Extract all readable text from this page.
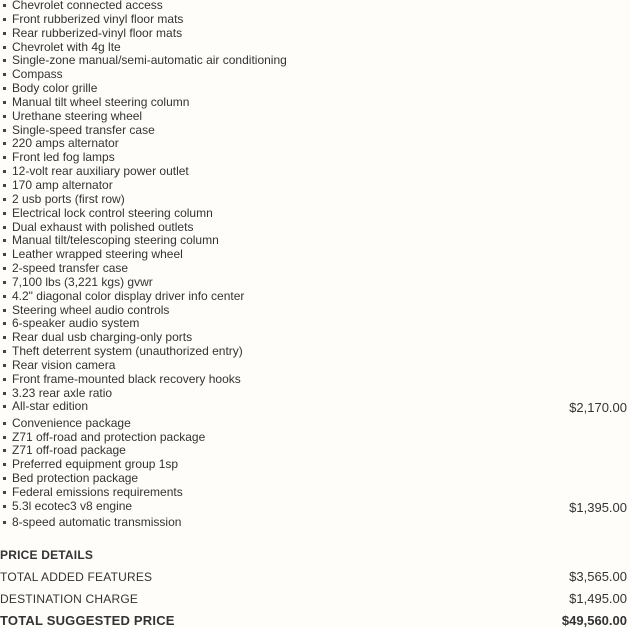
Chevrolet connected access
Front rubberized vinyl floor mats
Rear rubberized-vinyl floor mats
Chevrolet with 4g lte
Single-zone manual/semi-automatic air conditioning
Compass
Body color grille
Manual tilt wheel steering column
Urethane steering wheel
Single-speed transfer case
220 amps alternator
Front led fog lamps
12-volt rear auxiliary power outlet
170 amp alternator
2 usb ports (first row)
Electrical lock control steering column
Dual exhaust with polished outlets
Manual tilt/telescoping steering column
Leather wrapped steering wheel
2-speed transfer case
7,100 lbs (3,221 kgs) gvwr
4.2" diagonal color display driver info center
Steering wheel audio controls
6-speaker audio system
Rear dual usb charging-only ports
Theft deterrent system (unauthorized entry)
Rear vision camera
Front frame-mounted black recovery hooks
3.23 rear axle ratio
All-star edition	$2,170.00
Convenience package
Z71 off-road and protection package
Z71 off-road package
Preferred equipment group 1sp
Bed protection package
Federal emissions requirements
5.3l ecotec3 v8 engine	$1,395.00
8-speed automatic transmission
PRICE DETAILS
TOTAL ADDED FEATURES	$3,565.00
DESTINATION CHARGE	$1,495.00
TOTAL SUGGESTED PRICE	$49,560.00
